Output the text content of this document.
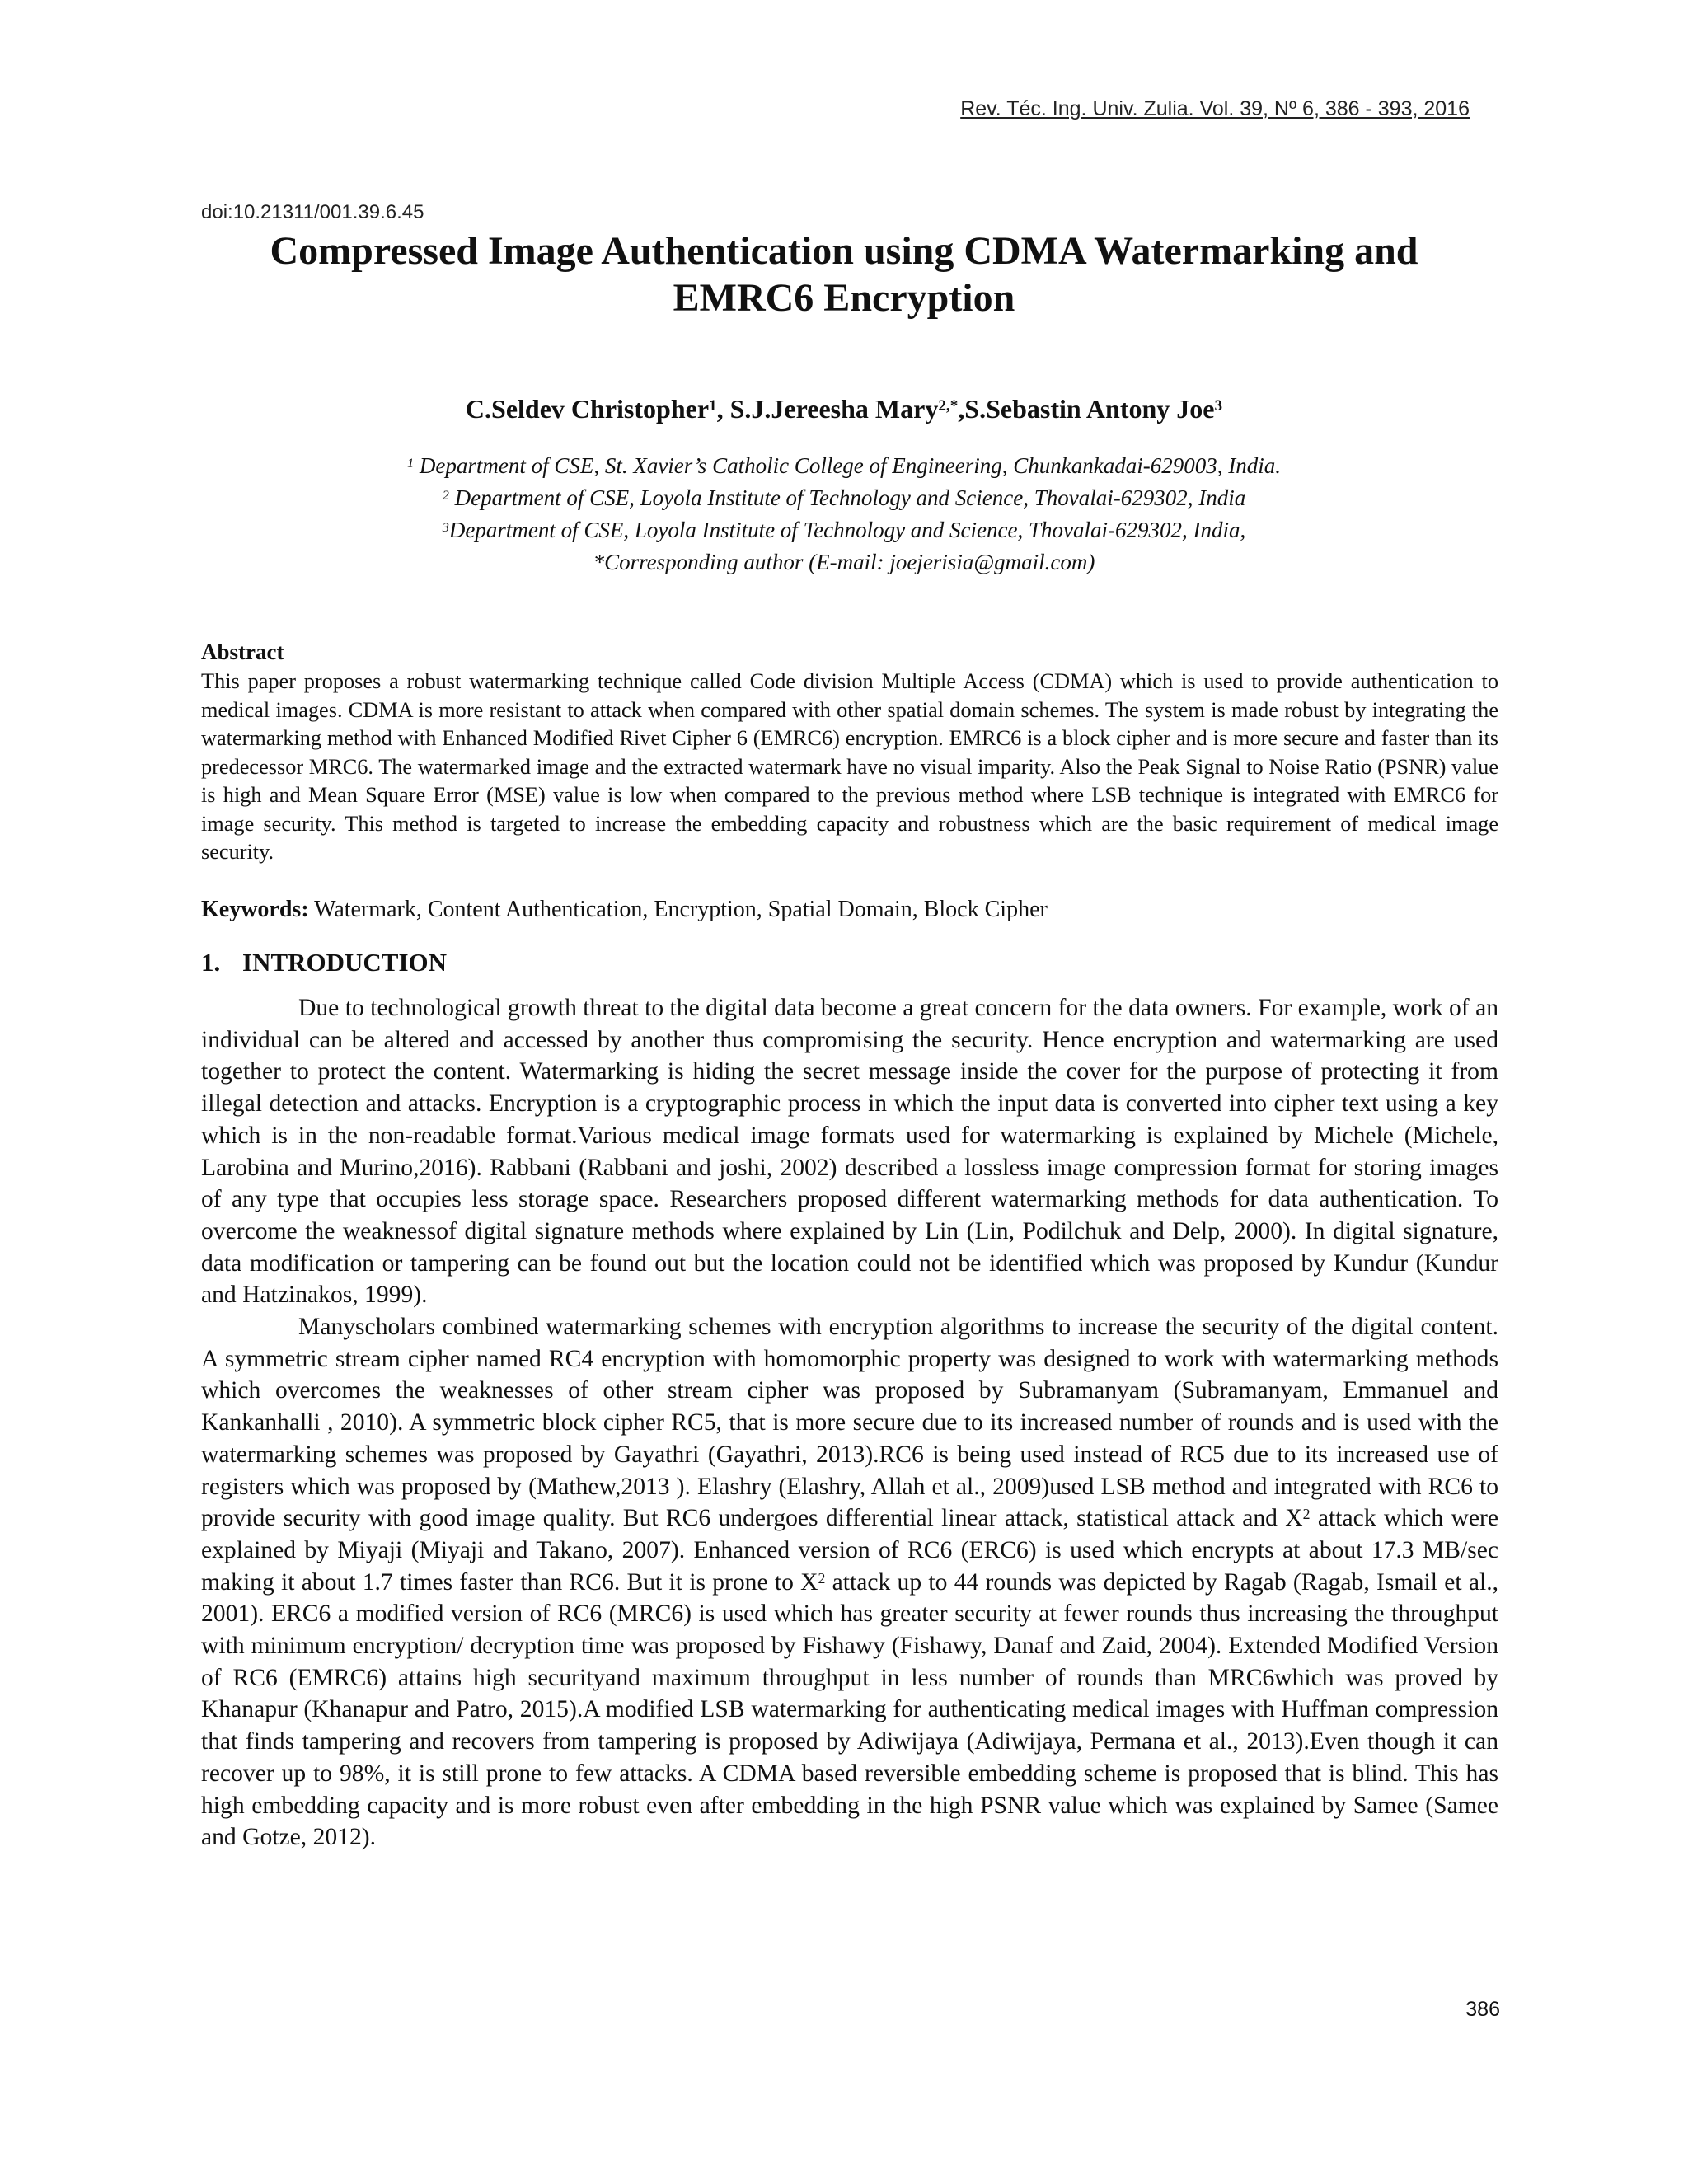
Rev. Téc. Ing. Univ. Zulia. Vol. 39, Nº 6, 386 - 393, 2016
doi:10.21311/001.39.6.45
Compressed Image Authentication using CDMA Watermarking and
EMRC6 Encryption
C.Seldev Christopher$^1$, S.J.Jereesha Mary$^{2,*}$,S.Sebastin Antony Joe$^3$
$^1$ Department of CSE, St. Xavier’s Catholic College of Engineering, Chunkankadai-629003, India.
$^2$ Department of CSE, Loyola Institute of Technology and Science, Thovalai-629302, India
$^3$Department of CSE, Loyola Institute of Technology and Science, Thovalai-629302, India,
*Corresponding author (E-mail: joejerisia@gmail.com)
Abstract
This paper proposes a robust watermarking technique called Code division Multiple Access (CDMA) which is used to provide authentication to medical images. CDMA is more resistant to attack when compared with other spatial domain schemes. The system is made robust by integrating the watermarking method with Enhanced Modified Rivet Cipher 6 (EMRC6) encryption. EMRC6 is a block cipher and is more secure and faster than its predecessor MRC6. The watermarked image and the extracted watermark have no visual imparity. Also the Peak Signal to Noise Ratio (PSNR) value is high and Mean Square Error (MSE) value is low when compared to the previous method where LSB technique is integrated with EMRC6 for image security. This method is targeted to increase the embedding capacity and robustness which are the basic requirement of medical image security.
Keywords: Watermark, Content Authentication, Encryption, Spatial Domain, Block Cipher
1. INTRODUCTION

Due to technological growth threat to the digital data become a great concern for the data owners. For example, work of an individual can be altered and accessed by another thus compromising the security. Hence encryption and watermarking are used together to protect the content. Watermarking is hiding the secret message inside the cover for the purpose of protecting it from illegal detection and attacks. Encryption is a cryptographic process in which the input data is converted into cipher text using a key which is in the non-readable format.Various medical image formats used for watermarking is explained by Michele (Michele, Larobina and Murino,2016). Rabbani (Rabbani and joshi, 2002) described a lossless image compression format for storing images of any type that occupies less storage space. Researchers proposed different watermarking methods for data authentication. To overcome the weaknessof digital signature methods where explained by Lin (Lin, Podilchuk and Delp, 2000). In digital signature, data modification or tampering can be found out but the location could not be identified which was proposed by Kundur (Kundur and Hatzinakos, 1999).

Manyscholars combined watermarking schemes with encryption algorithms to increase the security of the digital content. A symmetric stream cipher named RC4 encryption with homomorphic property was designed to work with watermarking methods which overcomes the weaknesses of other stream cipher was proposed by Subramanyam (Subramanyam, Emmanuel and Kankanhalli , 2010). A symmetric block cipher RC5, that is more secure due to its increased number of rounds and is used with the watermarking schemes was proposed by Gayathri (Gayathri, 2013).RC6 is being used instead of RC5 due to its increased use of registers which was proposed by (Mathew,2013 ). Elashry (Elashry, Allah et al., 2009)used LSB method and integrated with RC6 to provide security with good image quality. But RC6 undergoes differential linear attack, statistical attack and $X^2$ attack which were explained by Miyaji (Miyaji and Takano, 2007). Enhanced version of RC6 (ERC6) is used which encrypts at about 17.3 MB/sec making it about 1.7 times faster than RC6. But it is prone to $X^2$ attack up to 44 rounds was depicted by Ragab (Ragab, Ismail et al., 2001). ERC6 a modified version of RC6 (MRC6) is used which has greater security at fewer rounds thus increasing the throughput with minimum encryption/ decryption time was proposed by Fishawy (Fishawy, Danaf and Zaid, 2004). Extended Modified Version of RC6 (EMRC6) attains high securityand maximum throughput in less number of rounds than MRC6which was proved by Khanapur (Khanapur and Patro, 2015).A modified LSB watermarking for authenticating medical images with Huffman compression that finds tampering and recovers from tampering is proposed by Adiwijaya (Adiwijaya, Permana et al., 2013).Even though it can recover up to 98%, it is still prone to few attacks. A CDMA based reversible embedding scheme is proposed that is blind. This has high embedding capacity and is more robust even after embedding in the high PSNR value which was explained by Samee (Samee and Gotze, 2012).

386
